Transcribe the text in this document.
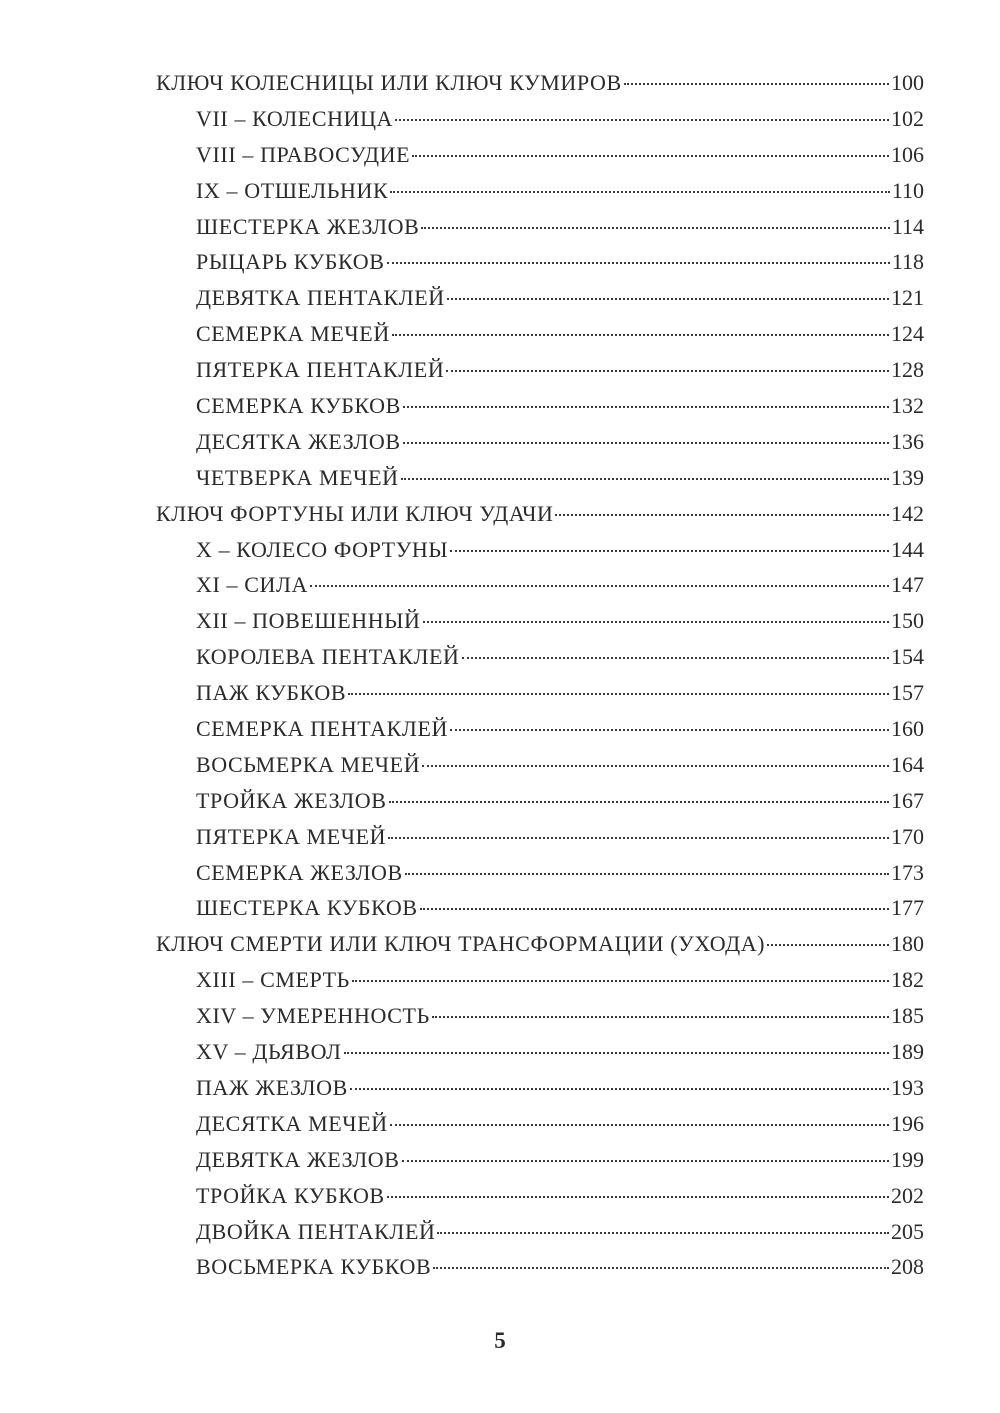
КЛЮЧ КОЛЕСНИЦЫ ИЛИ КЛЮЧ КУМИРОВ	100
VII – КОЛЕСНИЦА	102
VIII – ПРАВОСУДИЕ	106
IX – ОТШЕЛЬНИК	110
ШЕСТЕРКА ЖЕЗЛОВ	114
РЫЦАРЬ КУБКОВ	118
ДЕВЯТКА ПЕНТАКЛЕЙ	121
СЕМЕРКА МЕЧЕЙ	124
ПЯТЕРКА ПЕНТАКЛЕЙ	128
СЕМЕРКА КУБКОВ	132
ДЕСЯТКА ЖЕЗЛОВ	136
ЧЕТВЕРКА МЕЧЕЙ	139
КЛЮЧ ФОРТУНЫ ИЛИ КЛЮЧ УДАЧИ	142
X – КОЛЕСО ФОРТУНЫ	144
XI – СИЛА	147
XII – ПОВЕШЕННЫЙ	150
КОРОЛЕВА ПЕНТАКЛЕЙ	154
ПАЖ КУБКОВ	157
СЕМЕРКА ПЕНТАКЛЕЙ	160
ВОСЬМЕРКА МЕЧЕЙ	164
ТРОЙКА ЖЕЗЛОВ	167
ПЯТЕРКА МЕЧЕЙ	170
СЕМЕРКА ЖЕЗЛОВ	173
ШЕСТЕРКА КУБКОВ	177
КЛЮЧ СМЕРТИ ИЛИ КЛЮЧ ТРАНСФОРМАЦИИ (УХОДА)	180
XIII – СМЕРТЬ	182
XIV – УМЕРЕННОСТЬ	185
XV – ДЬЯВОЛ	189
ПАЖ ЖЕЗЛОВ	193
ДЕСЯТКА МЕЧЕЙ	196
ДЕВЯТКА ЖЕЗЛОВ	199
ТРОЙКА КУБКОВ	202
ДВОЙКА ПЕНТАКЛЕЙ	205
ВОСЬМЕРКА КУБКОВ	208
5
